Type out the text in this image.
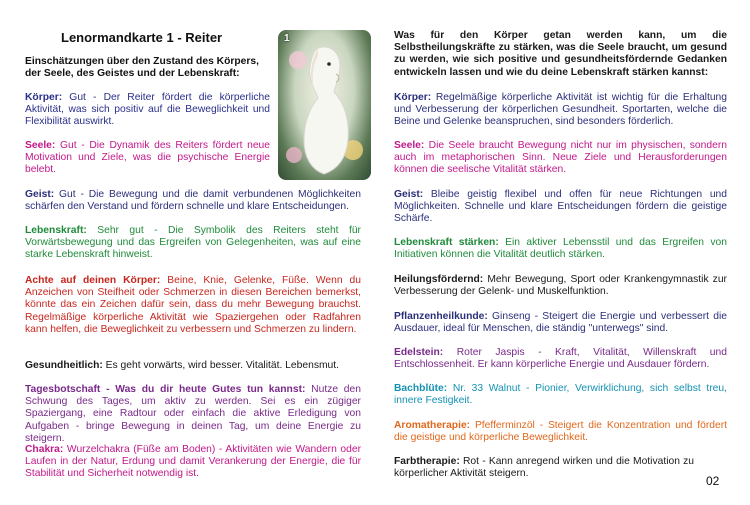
Lenormandkarte 1 - Reiter
Einschätzungen über den Zustand des Körpers, der Seele, des Geistes und der Lebenskraft:
1
Körper: Gut - Der Reiter fördert die körperliche Aktivität, was sich positiv auf die Beweglichkeit und Flexibilität auswirkt.
Seele: Gut - Die Dynamik des Reiters fördert neue Motivation und Ziele, was die psychische Energie belebt.
Geist: Gut - Die Bewegung und die damit verbundenen Möglichkeiten schärfen den Verstand und fördern schnelle und klare Entscheidungen.
Lebenskraft: Sehr gut - Die Symbolik des Reiters steht für Vorwärtsbewegung und das Ergreifen von Gelegenheiten, was auf eine starke Lebenskraft hinweist.
Achte auf deinen Körper: Beine, Knie, Gelenke, Füße. Wenn du Anzeichen von Steifheit oder Schmerzen in diesen Bereichen bemerkst, könnte das ein Zeichen dafür sein, dass du mehr Bewegung brauchst. Regelmäßige körperliche Aktivität wie Spaziergehen oder Radfahren kann helfen, die Beweglichkeit zu verbessern und Schmerzen zu lindern.
Gesundheitlich: Es geht vorwärts, wird besser. Vitalität. Lebensmut.
Tagesbotschaft - Was du dir heute Gutes tun kannst: Nutze den Schwung des Tages, um aktiv zu werden. Sei es ein zügiger Spaziergang, eine Radtour oder einfach die aktive Erledigung von Aufgaben - bringe Bewegung in deinen Tag, um deine Energie zu steigern.
Chakra: Wurzelchakra (Füße am Boden) - Aktivitäten wie Wandern oder Laufen in der Natur, Erdung und damit Verankerung der Energie, die für Stabilität und Sicherheit notwendig ist.
Was für den Körper getan werden kann, um die Selbstheilungskräfte zu stärken, was die Seele braucht, um gesund zu werden, wie sich positive und gesundheitsfördernde Gedanken entwickeln lassen und wie du deine Lebenskraft stärken kannst:
Körper: Regelmäßige körperliche Aktivität ist wichtig für die Erhaltung und Verbesserung der körperlichen Gesundheit. Sportarten, welche die Beine und Gelenke beanspruchen, sind besonders förderlich.
Seele: Die Seele braucht Bewegung nicht nur im physischen, sondern auch im metaphorischen Sinn. Neue Ziele und Herausforderungen können die seelische Vitalität stärken.
Geist: Bleibe geistig flexibel und offen für neue Richtungen und Möglichkeiten. Schnelle und klare Entscheidungen fördern die geistige Schärfe.
Lebenskraft stärken: Ein aktiver Lebensstil und das Ergreifen von Initiativen können die Vitalität deutlich stärken.
Heilungsfördernd: Mehr Bewegung, Sport oder Krankengymnastik zur Verbesserung der Gelenk- und Muskelfunktion.
Pflanzenheilkunde: Ginseng - Steigert die Energie und verbessert die Ausdauer, ideal für Menschen, die ständig "unterwegs" sind.
Edelstein: Roter Jaspis - Kraft, Vitalität, Willenskraft und Entschlossenheit. Er kann körperliche Energie und Ausdauer fördern.
Bachblüte: Nr. 33 Walnut - Pionier, Verwirklichung, sich selbst treu, innere Festigkeit.
Aromatherapie: Pfefferminzöl - Steigert die Konzentration und fördert die geistige und körperliche Beweglichkeit.
Farbtherapie: Rot - Kann anregend wirken und die Motivation zu körperlicher Aktivität steigern.
02
